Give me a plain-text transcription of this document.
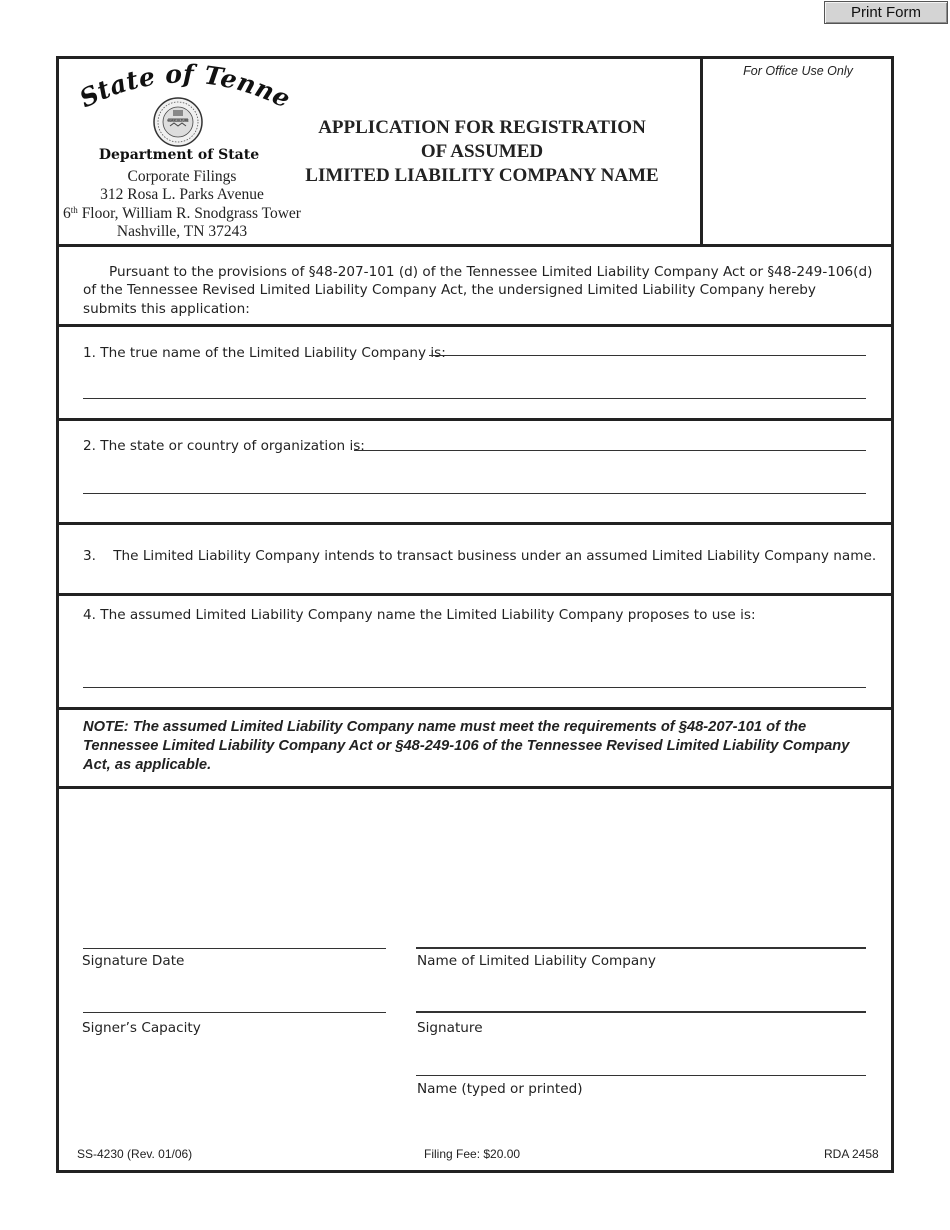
Print Form
State of Tenne
AGRICULTURE
Department of State
Corporate Filings
312 Rosa L. Parks Avenue
6th Floor, William R. Snodgrass Tower
Nashville, TN 37243
APPLICATION FOR REGISTRATION
OF ASSUMED
LIMITED LIABILITY COMPANY NAME
For Office Use Only
Pursuant to the provisions of §48-207-101 (d) of the Tennessee Limited Liability Company Act or §48-249-106(d) of the Tennessee Revised Limited Liability Company Act, the undersigned Limited Liability Company hereby submits this application:
1. The true name of the Limited Liability Company is:
2. The state or country of organization is:
3.    The Limited Liability Company intends to transact business under an assumed Limited Liability Company name.
4. The assumed Limited Liability Company name the Limited Liability Company proposes to use is:
NOTE: The assumed Limited Liability Company name must meet the requirements of §48-207-101 of the Tennessee Limited Liability Company Act or §48-249-106 of the Tennessee Revised Limited Liability Company Act, as applicable.
Signature Date	Name of Limited Liability Company
Signer’s Capacity	Signature
Name (typed or printed)
SS-4230 (Rev. 01/06)	Filing Fee: $20.00	RDA 2458
